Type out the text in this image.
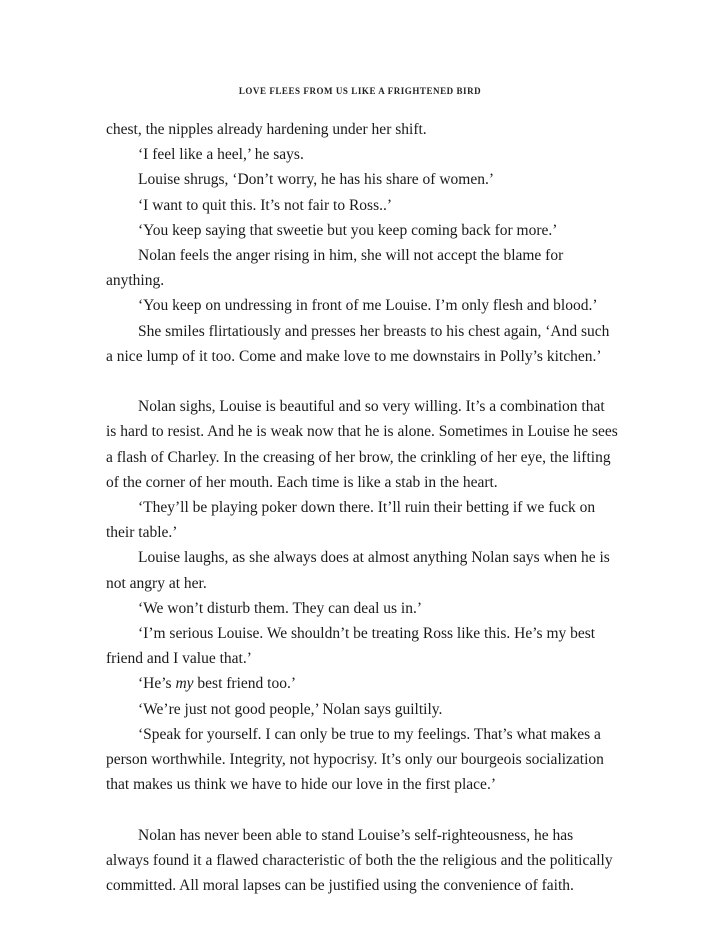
LOVE FLEES FROM US LIKE A FRIGHTENED BIRD

chest, the nipples already hardening under her shift.

‘I feel like a heel,’ he says.

Louise shrugs, ‘Don’t worry, he has his share of women.’

‘I want to quit this. It’s not fair to Ross..’

‘You keep saying that sweetie but you keep coming back for more.’

Nolan feels the anger rising in him, she will not accept the blame for anything.

‘You keep on undressing in front of me Louise. I’m only flesh and blood.’

She smiles flirtatiously and presses her breasts to his chest again, ‘And such a nice lump of it too. Come and make love to me downstairs in Polly’s kitchen.’

Nolan sighs, Louise is beautiful and so very willing. It’s a combination that is hard to resist. And he is weak now that he is alone. Sometimes in Louise he sees a flash of Charley. In the creasing of her brow, the crinkling of her eye, the lifting of the corner of her mouth. Each time is like a stab in the heart.

‘They’ll be playing poker down there. It’ll ruin their betting if we fuck on their table.’

Louise laughs, as she always does at almost anything Nolan says when he is not angry at her.

‘We won’t disturb them. They can deal us in.’

‘I’m serious Louise. We shouldn’t be treating Ross like this. He’s my best friend and I value that.’

‘He’s my best friend too.’

‘We’re just not good people,’ Nolan says guiltily.

‘Speak for yourself. I can only be true to my feelings. That’s what makes a person worthwhile. Integrity, not hypocrisy. It’s only our bourgeois socialization that makes us think we have to hide our love in the first place.’

Nolan has never been able to stand Louise’s self-righteousness, he has always found it a flawed characteristic of both the the religious and the politically committed. All moral lapses can be justified using the convenience of faith.
